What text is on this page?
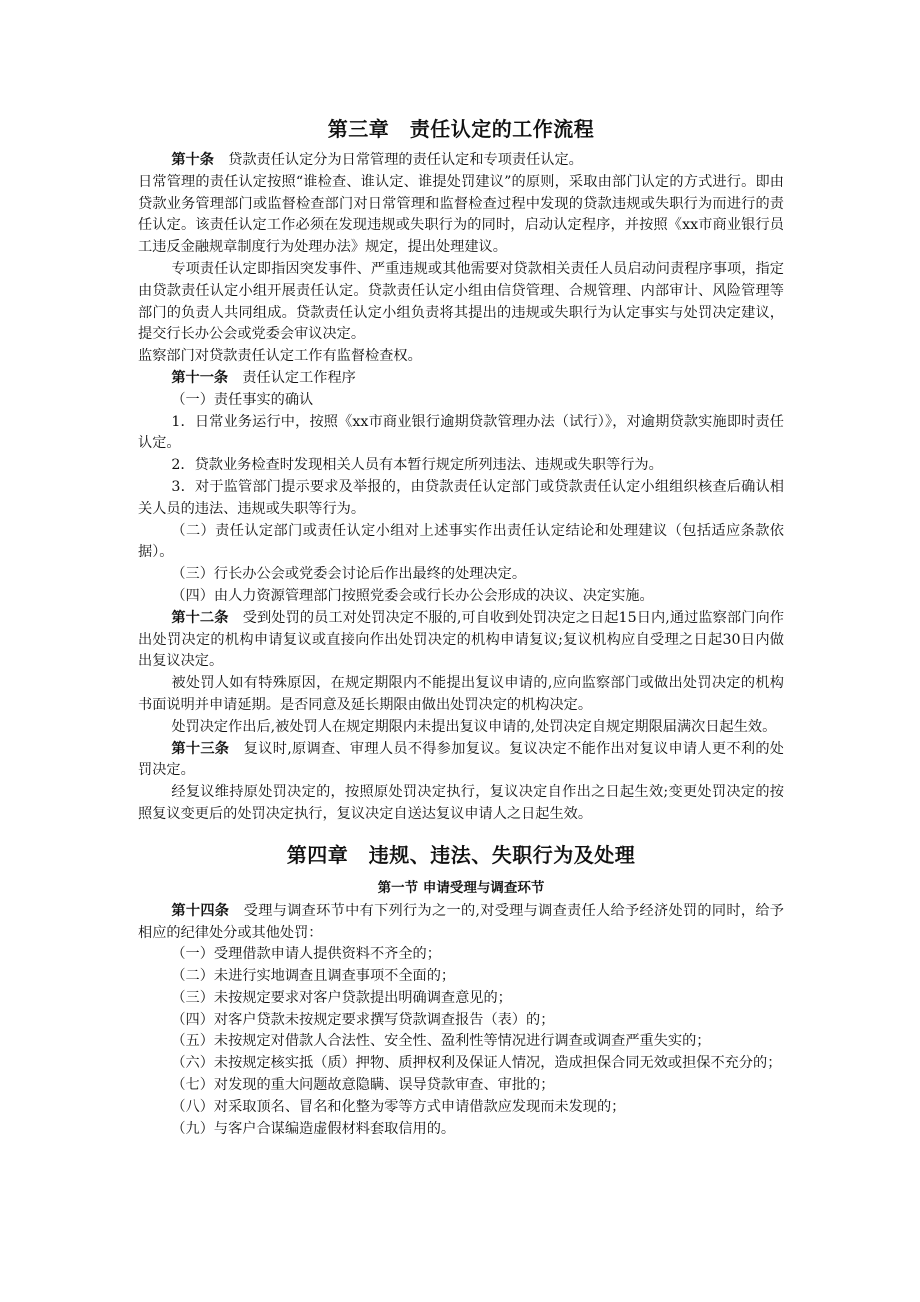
第三章　责任认定的工作流程

第十条　贷款责任认定分为日常管理的责任认定和专项责任认定。

日常管理的责任认定按照“谁检查、谁认定、谁提处罚建议”的原则，采取由部门认定的方式进行。即由贷款业务管理部门或监督检查部门对日常管理和监督检查过程中发现的贷款违规或失职行为而进行的责任认定。该责任认定工作必须在发现违规或失职行为的同时，启动认定程序，并按照《xx市商业银行员工违反金融规章制度行为处理办法》规定，提出处理建议。

专项责任认定即指因突发事件、严重违规或其他需要对贷款相关责任人员启动问责程序事项，指定由贷款责任认定小组开展责任认定。贷款责任认定小组由信贷管理、合规管理、内部审计、风险管理等部门的负责人共同组成。贷款责任认定小组负责将其提出的违规或失职行为认定事实与处罚决定建议，提交行长办公会或党委会审议决定。

监察部门对贷款责任认定工作有监督检查权。

第十一条　责任认定工作程序

（一）责任事实的确认

1．日常业务运行中，按照《xx市商业银行逾期贷款管理办法（试行）》，对逾期贷款实施即时责任认定。

2．贷款业务检查时发现相关人员有本暂行规定所列违法、违规或失职等行为。

3．对于监管部门提示要求及举报的，由贷款责任认定部门或贷款责任认定小组组织核查后确认相关人员的违法、违规或失职等行为。

（二）责任认定部门或责任认定小组对上述事实作出责任认定结论和处理建议（包括适应条款依据）。

（三）行长办公会或党委会讨论后作出最终的处理决定。

（四）由人力资源管理部门按照党委会或行长办公会形成的决议、决定实施。

第十二条　受到处罚的员工对处罚决定不服的,可自收到处罚决定之日起15日内,通过监察部门向作出处罚决定的机构申请复议或直接向作出处罚决定的机构申请复议;复议机构应自受理之日起30日内做出复议决定。

被处罚人如有特殊原因，在规定期限内不能提出复议申请的,应向监察部门或做出处罚决定的机构书面说明并申请延期。是否同意及延长期限由做出处罚决定的机构决定。

处罚决定作出后,被处罚人在规定期限内未提出复议申请的,处罚决定自规定期限届满次日起生效。

第十三条　复议时,原调查、审理人员不得参加复议。复议决定不能作出对复议申请人更不利的处罚决定。

经复议维持原处罚决定的，按照原处罚决定执行，复议决定自作出之日起生效;变更处罚决定的按照复议变更后的处罚决定执行，复议决定自送达复议申请人之日起生效。

第四章　违规、违法、失职行为及处理
第一节 申请受理与调查环节

第十四条　受理与调查环节中有下列行为之一的,对受理与调查责任人给予经济处罚的同时，给予相应的纪律处分或其他处罚：

（一）受理借款申请人提供资料不齐全的；

（二）未进行实地调查且调查事项不全面的；

（三）未按规定要求对客户贷款提出明确调查意见的；

（四）对客户贷款未按规定要求撰写贷款调查报告（表）的；

（五）未按规定对借款人合法性、安全性、盈利性等情况进行调查或调查严重失实的；

（六）未按规定核实抵（质）押物、质押权利及保证人情况，造成担保合同无效或担保不充分的；

（七）对发现的重大问题故意隐瞒、误导贷款审查、审批的；

（八）对采取顶名、冒名和化整为零等方式申请借款应发现而未发现的；

（九）与客户合谋编造虚假材料套取信用的。
